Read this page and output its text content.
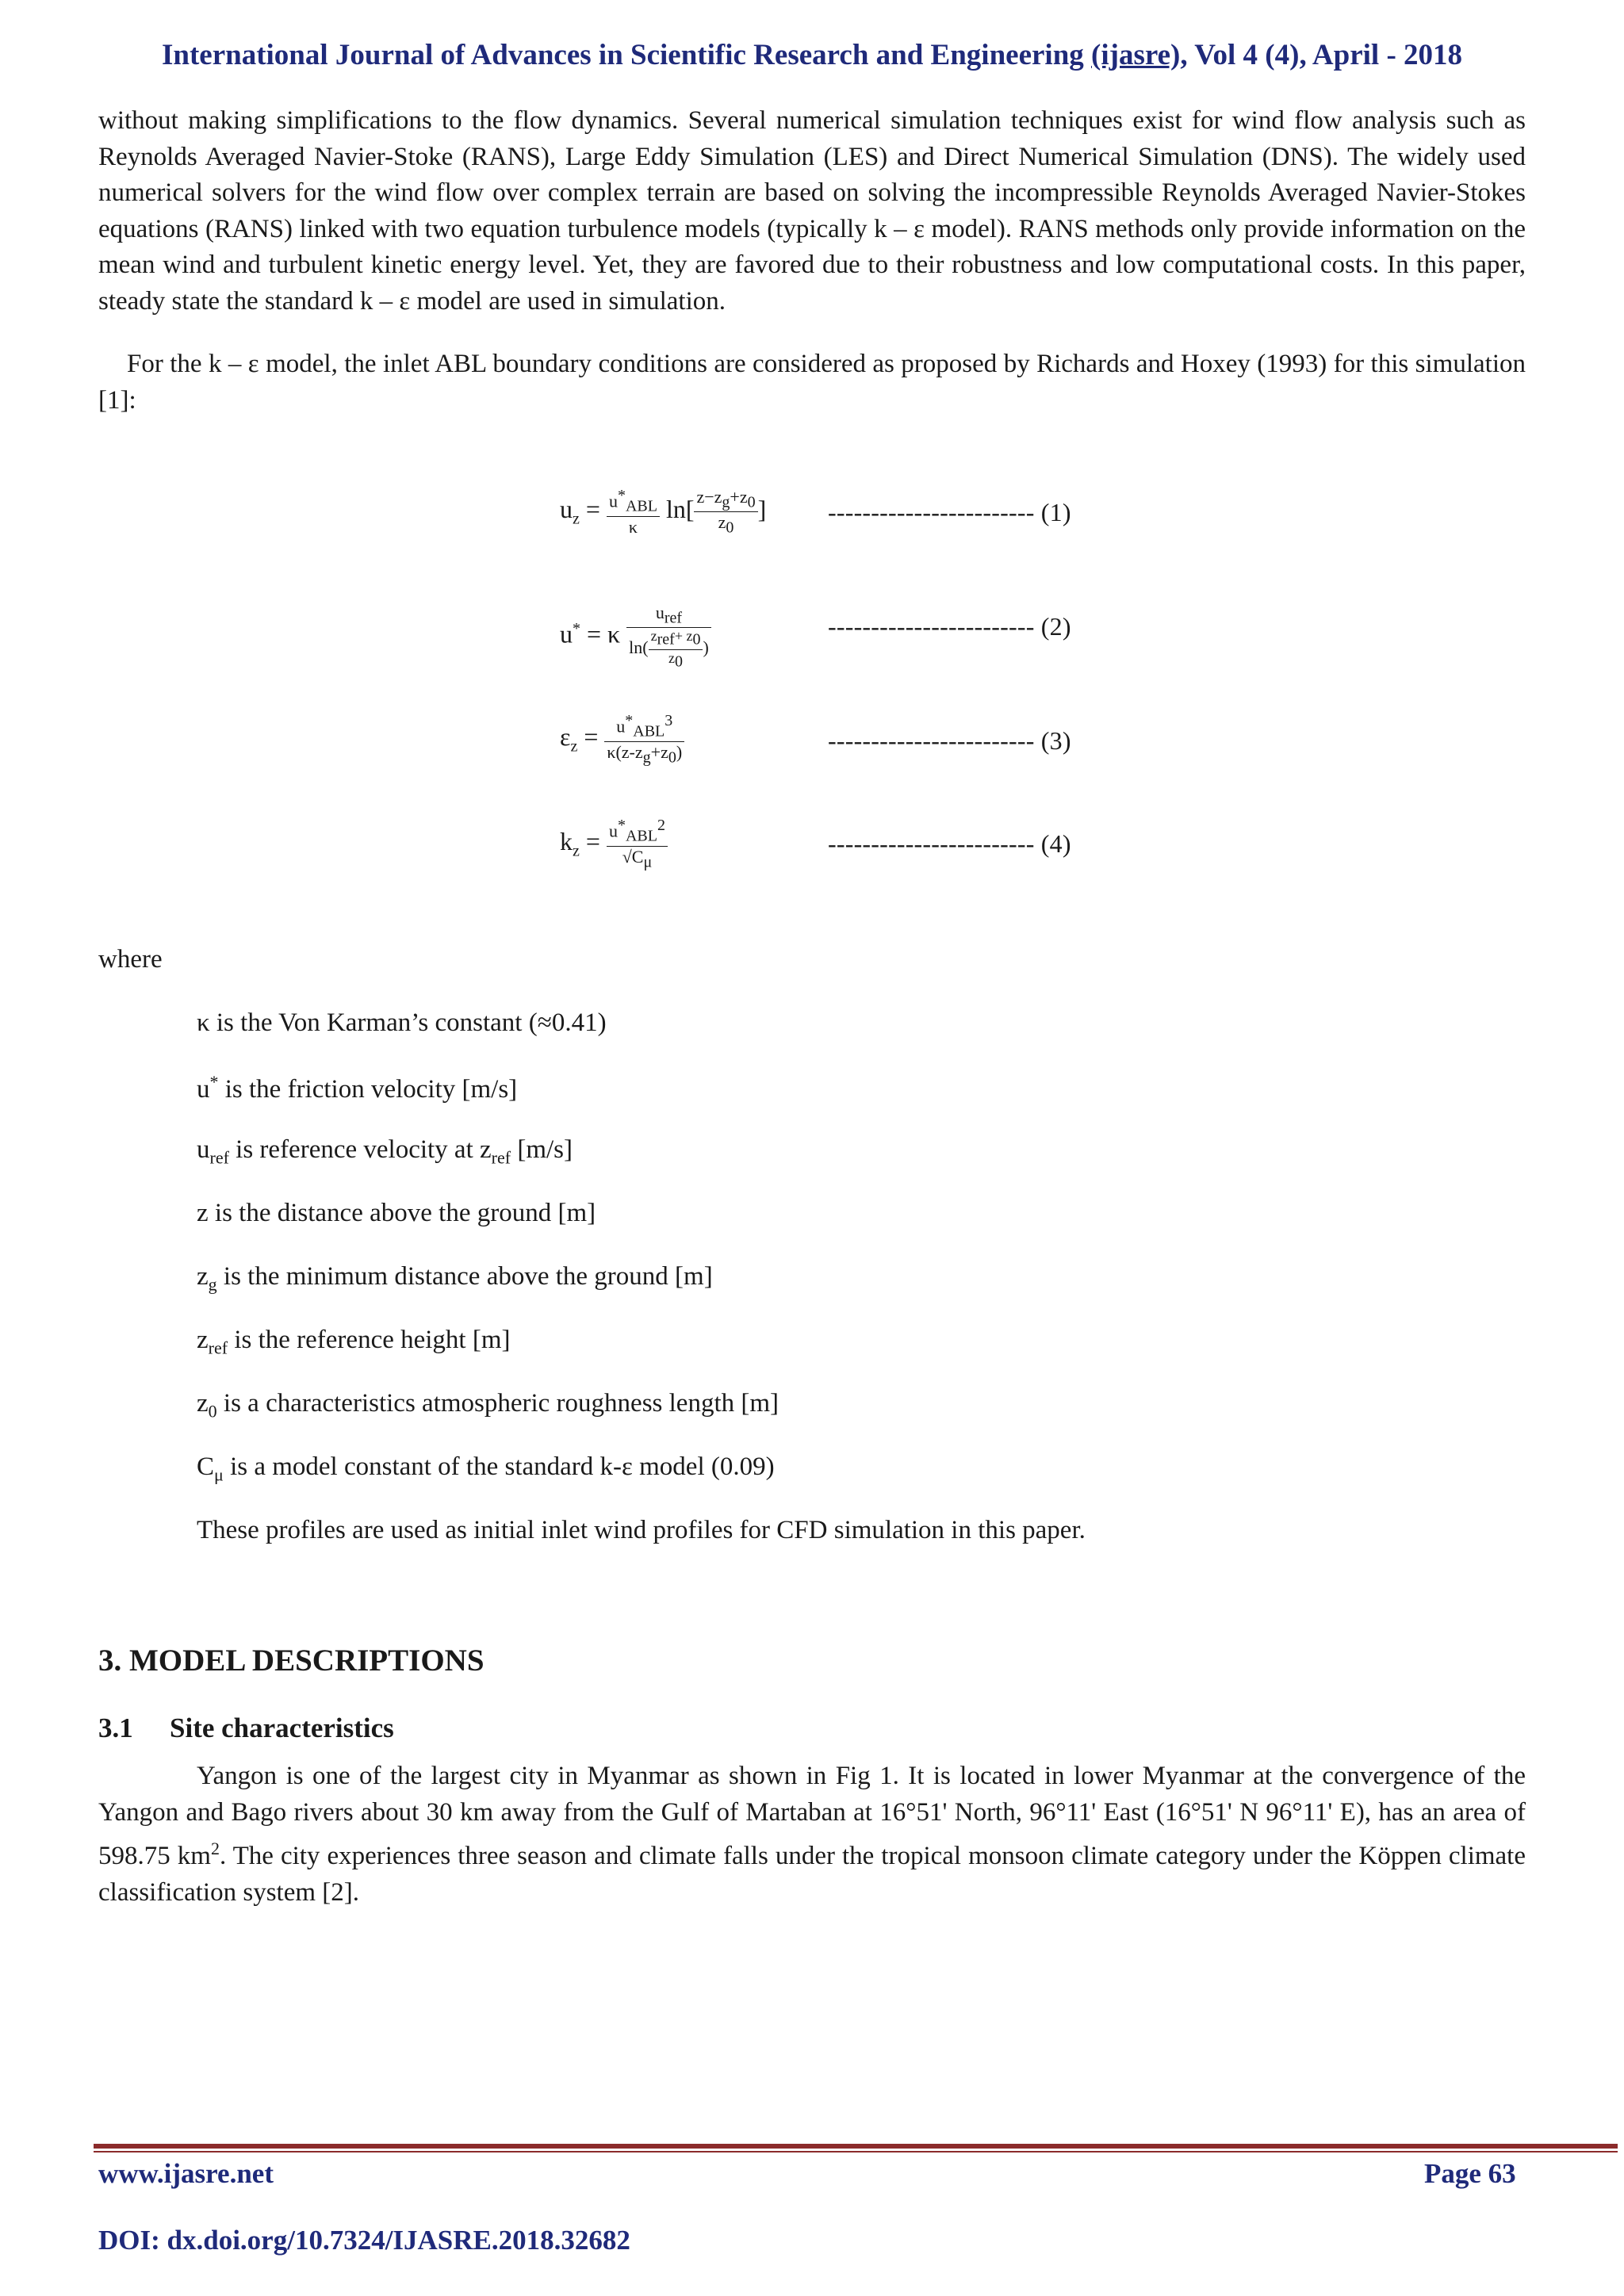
International Journal of Advances in Scientific Research and Engineering (ijasre), Vol 4 (4), April - 2018

without making simplifications to the flow dynamics. Several numerical simulation techniques exist for wind flow analysis such as Reynolds Averaged Navier-Stoke (RANS), Large Eddy Simulation (LES) and Direct Numerical Simulation (DNS). The widely used numerical solvers for the wind flow over complex terrain are based on solving the incompressible Reynolds Averaged Navier-Stokes equations (RANS) linked with two equation turbulence models (typically k – ε model). RANS methods only provide information on the mean wind and turbulent kinetic energy level. Yet, they are favored due to their robustness and low computational costs. In this paper, steady state the standard k – ε model are used in simulation.

For the k – ε model, the inlet ABL boundary conditions are considered as proposed by Richards and Hoxey (1993) for this simulation [1]:

$u_z = \frac{u^*_{ABL}}{\kappa} \ln[ \frac{z-z_g+z_0}{z_0}$ ] ------------------------ (1)
u* = κ $\frac{u_{ref}}{\ln( \frac{z_{ref}+ z_0}{z_0} )}$	------------------------ (2)
$\varepsilon_z = \frac{u^*_{ABL}^3}{\kappa(z-z_g+z_0)}$	------------------------ (3)
$k_z = \frac{u^*_{ABL}^2}{√C_\mu}$	------------------------ (4)
where
κ is the Von Karman’s constant (≈0.41)
u* is the friction velocity [m/s]
$u_{ref}$ is reference velocity at $z_{ref}$ [m/s]
z is the distance above the ground [m]
$z_g$ is the minimum distance above the ground [m]
$z_{ref}$ is the reference height [m]
$z_0$ is a characteristics atmospheric roughness length [m]
$C_\mu$ is a model constant of the standard k-ε model (0.09)
These profiles are used as initial inlet wind profiles for CFD simulation in this paper.
3. MODEL DESCRIPTIONS
3.1 Site characteristics

Yangon is one of the largest city in Myanmar as shown in Fig 1. It is located in lower Myanmar at the convergence of the Yangon and Bago rivers about 30 km away from the Gulf of Martaban at 16°51' North, 96°11' East (16°51' N 96°11' E), has an area of 598.75 $km^2$. The city experiences three season and climate falls under the tropical monsoon climate category under the Köppen climate classification system [2].

www.ijasre.net	Page 63
DOI: dx.doi.org/10.7324/IJASRE.2018.32682
